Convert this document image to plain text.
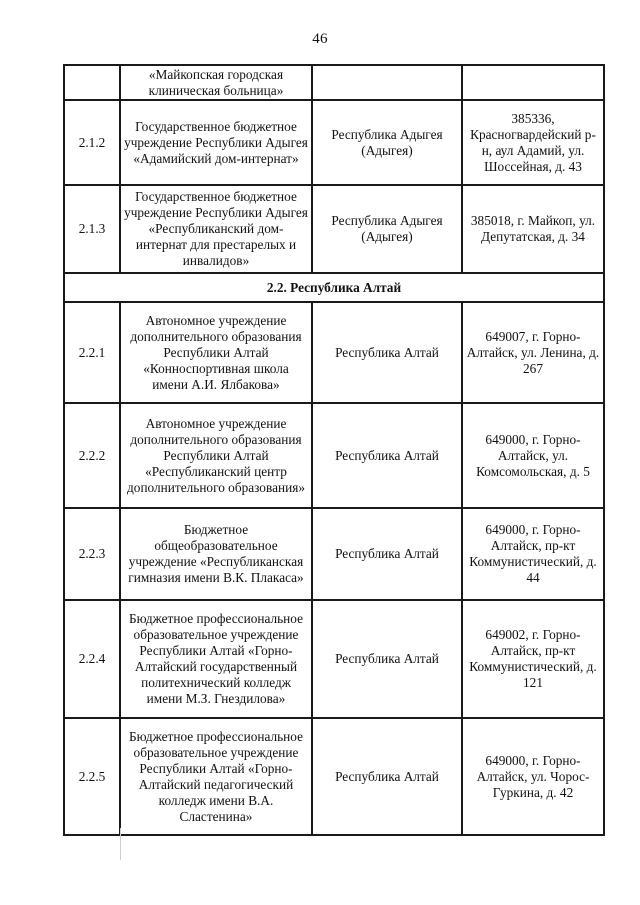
46
	«Майкопская городская клиническая больница»		
2.1.2	Государственное бюджетное учреждение Республики Адыгея «Адамийский дом-интернат»	Республика Адыгея (Адыгея)	385336, Красногвардейский р-н, аул Адамий, ул. Шоссейная, д. 43
2.1.3	Государственное бюджетное учреждение Республики Адыгея «Республиканский дом-интернат для престарелых и инвалидов»	Республика Адыгея (Адыгея)	385018, г. Майкоп, ул. Депутатская, д. 34
2.2. Республика Алтай			
2.2.1	Автономное учреждение дополнительного образования Республики Алтай «Конноспортивная школа имени А.И. Ялбакова»	Республика Алтай	649007, г. Горно-Алтайск, ул. Ленина, д. 267
2.2.2	Автономное учреждение дополнительного образования Республики Алтай «Республиканский центр дополнительного образования»	Республика Алтай	649000, г. Горно-Алтайск, ул. Комсомольская, д. 5
2.2.3	Бюджетное общеобразовательное учреждение «Республиканская гимназия имени В.К. Плакаса»	Республика Алтай	649000, г. Горно-Алтайск, пр-кт Коммунистический, д. 44
2.2.4	Бюджетное профессиональное образовательное учреждение Республики Алтай «Горно-Алтайский государственный политехнический колледж имени М.З. Гнездилова»	Республика Алтай	649002, г. Горно-Алтайск, пр-кт Коммунистический, д. 121
2.2.5	Бюджетное профессиональное образовательное учреждение Республики Алтай «Горно-Алтайский педагогический колледж имени В.А. Сластенина»	Республика Алтай	649000, г. Горно-Алтайск, ул. Чорос-Гуркина, д. 42
